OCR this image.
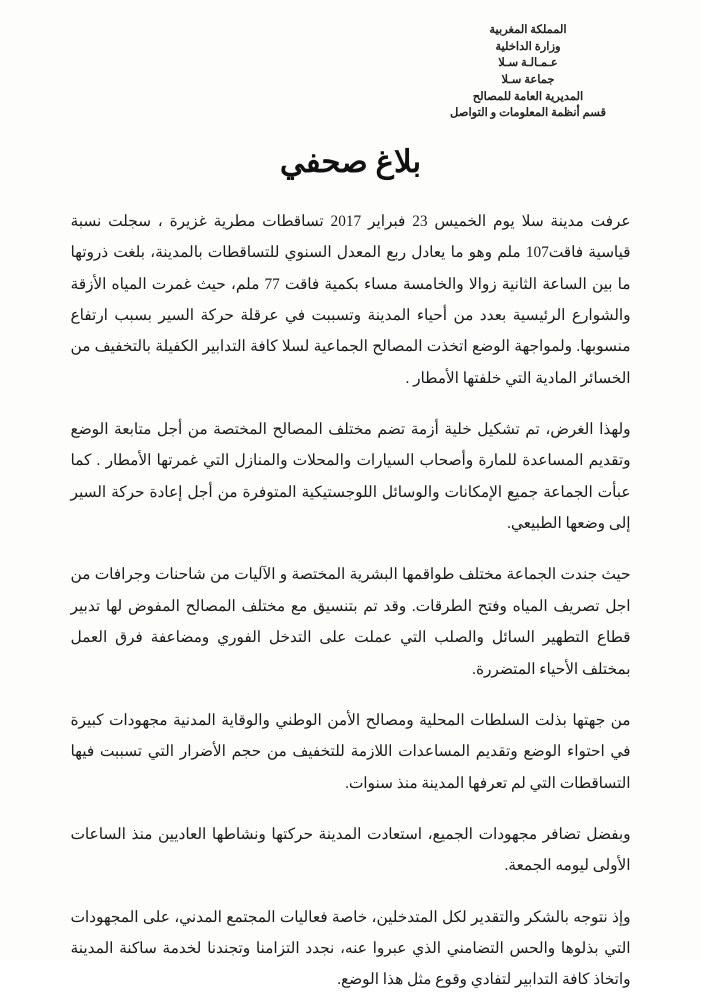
المملكة المغربية
وزارة الداخلية
عـمـالـة سـلا
جماعة سـلا
المديرية العامة للمصالح
قسم أنظمة المعلومات و التواصل
بلاغ صحفي

عرفت مدينة سلا يوم الخميس 23 فبراير 2017 تساقطات مطرية غزيرة ، سجلت نسبة قياسية فاقت107 ملم وهو ما يعادل ربع المعدل السنوي للتساقطات بالمدينة، بلغت ذروتها ما بين الساعة الثانية زوالا والخامسة مساء بكمية فاقت 77 ملم، حيث غمرت المياه الأزقة والشوارع الرئيسية بعدد من أحياء المدينة وتسببت في عرقلة حركة السير بسبب ارتفاع منسوبها. ولمواجهة الوضع اتخذت المصالح الجماعية لسلا كافة التدابير الكفيلة بالتخفيف من الخسائر المادية التي خلفتها الأمطار .

ولهذا الغرض، تم تشكيل خلية أزمة تضم مختلف المصالح المختصة من أجل متابعة الوضع وتقديم المساعدة للمارة وأصحاب السيارات والمحلات والمنازل التي غمرتها الأمطار . كما عبأت الجماعة جميع الإمكانات والوسائل اللوجستيكية المتوفرة من أجل إعادة حركة السير إلى وضعها الطبيعي.

حيث جندت الجماعة مختلف طواقمها البشرية المختصة و الآليات من شاحنات وجرافات من اجل تصريف المياه وفتح الطرقات. وقد تم بتنسيق مع مختلف المصالح المفوض لها تدبير قطاع التطهير السائل والصلب التي عملت على التدخل الفوري ومضاعفة فرق العمل بمختلف الأحياء المتضررة.

من جهتها بذلت السلطات المحلية ومصالح الأمن الوطني والوقاية المدنية مجهودات كبيرة في احتواء الوضع وتقديم المساعدات اللازمة للتخفيف من حجم الأضرار التي تسببت فيها التساقطات التي لم تعرفها المدينة منذ سنوات.

وبفضل تضافر مجهودات الجميع، استعادت المدينة حركتها ونشاطها العاديين منذ الساعات الأولى ليومه الجمعة.

وإذ نتوجه بالشكر والتقدير لكل المتدخلين، خاصة فعاليات المجتمع المدني، على المجهودات التي بذلوها والحس التضامني الذي عبروا عنه، نجدد التزامنا وتجندنا لخدمة ساكنة المدينة واتخاذ كافة التدابير لتفادي وقوع مثل هذا الوضع.
